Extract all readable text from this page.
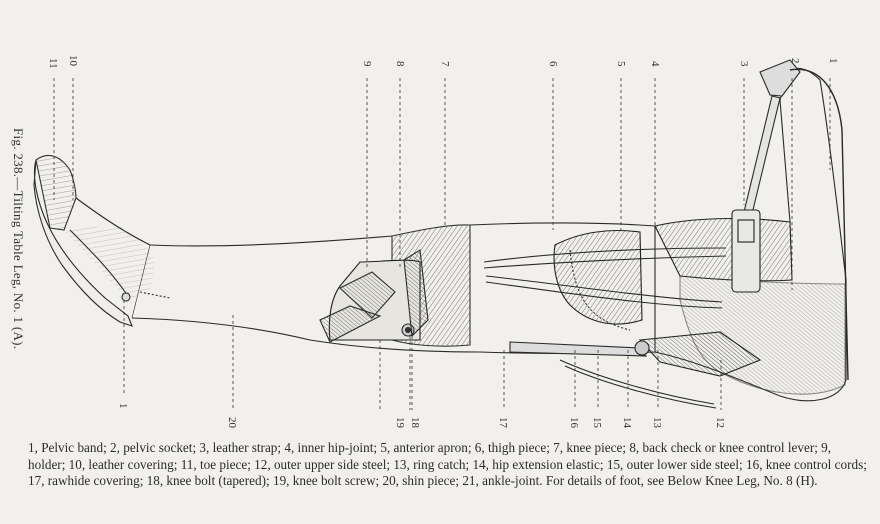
Fig. 238.—Tilting Table Leg, No. 1 (A).
11 10	9 8	7	6	5 4	3
2 1
1
20	19 18	17	16 15 14 13	12

1, Pelvic band; 2, pelvic socket; 3, leather strap; 4, inner hip-joint; 5, anterior apron; 6, thigh piece; 7, knee piece; 8, back check or knee control lever; 9, holder; 10, leather covering; 11, toe piece; 12, outer upper side steel; 13, ring catch; 14, hip extension elastic; 15, outer lower side steel; 16, knee control cords; 17, rawhide covering; 18, knee bolt (tapered); 19, knee bolt screw; 20, shin piece; 21, ankle-joint. For details of foot, see Below Knee Leg, No. 8 (H).
